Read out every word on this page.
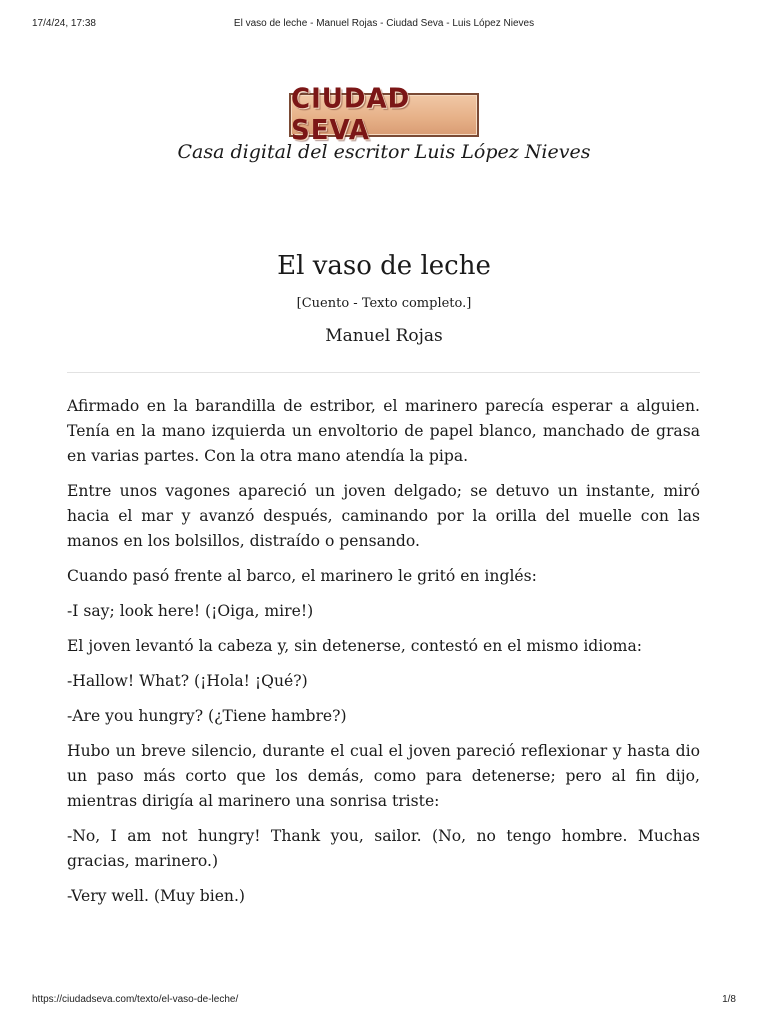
17/4/24, 17:38	El vaso de leche - Manuel Rojas - Ciudad Seva - Luis López Nieves
CIUDAD SEVA
Casa digital del escritor Luis López Nieves
El vaso de leche
[Cuento - Texto completo.]
Manuel Rojas

Afirmado en la barandilla de estribor, el marinero parecía esperar a alguien. Tenía en la mano izquierda un envoltorio de papel blanco, manchado de grasa en varias partes. Con la otra mano atendía la pipa.

Entre unos vagones apareció un joven delgado; se detuvo un instante, miró hacia el mar y avanzó después, caminando por la orilla del muelle con las manos en los bolsillos, distraído o pensando.

Cuando pasó frente al barco, el marinero le gritó en inglés:

-I say; look here! (¡Oiga, mire!)

El joven levantó la cabeza y, sin detenerse, contestó en el mismo idioma:

-Hallow! What? (¡Hola! ¡Qué?)

-Are you hungry? (¿Tiene hambre?)

Hubo un breve silencio, durante el cual el joven pareció reflexionar y hasta dio un paso más corto que los demás, como para detenerse; pero al fin dijo, mientras dirigía al marinero una sonrisa triste:

-No, I am not hungry! Thank you, sailor. (No, no tengo hombre. Muchas gracias, marinero.)

-Very well. (Muy bien.)

https://ciudadseva.com/texto/el-vaso-de-leche/	1/8
